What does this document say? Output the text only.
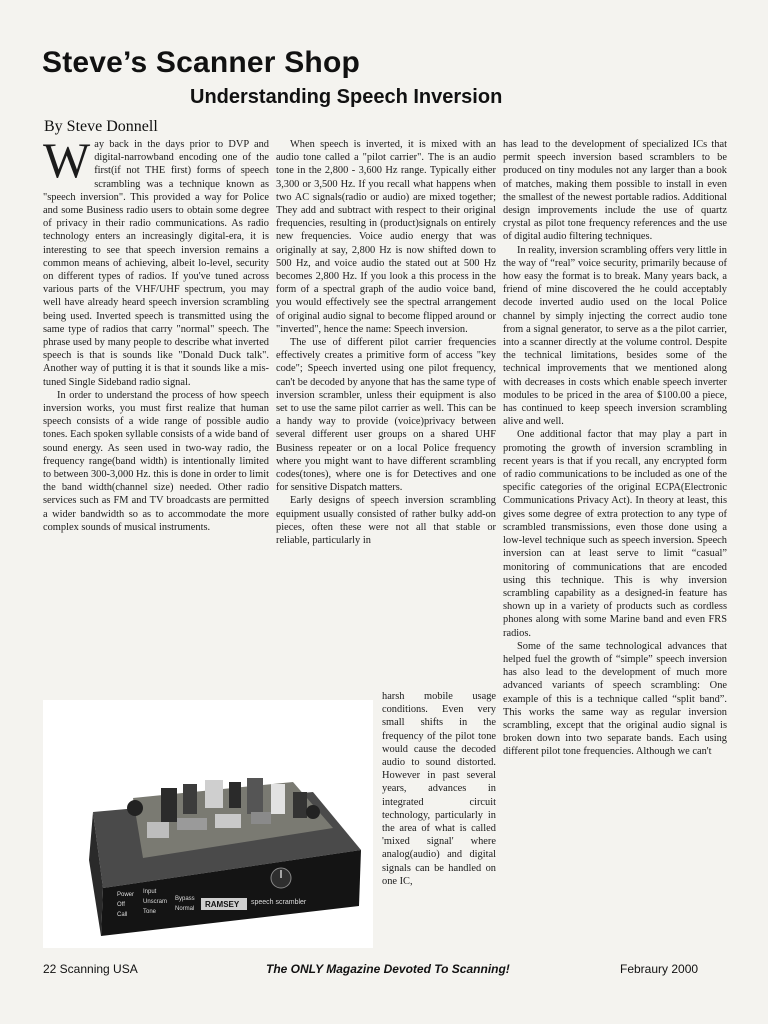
Steve’s Scanner Shop
Understanding Speech Inversion
By Steve Donnell

Way back in the days prior to DVP and digital-narrowband encoding one of the first(if not THE first) forms of speech scrambling was a technique known as "speech inversion". This provided a way for Police and some Business radio users to obtain some degree of privacy in their radio communications. As radio technology enters an increasingly digital-era, it is interesting to see that speech inversion remains a common means of achieving, albeit lo-level, security on different types of radios. If you've tuned across various parts of the VHF/UHF spectrum, you may well have already heard speech inversion scrambling being used. Inverted speech is transmitted using the same type of radios that carry "normal" speech. The phrase used by many people to describe what inverted speech is that is sounds like "Donald Duck talk". Another way of putting it is that it sounds like a mis-tuned Single Sideband radio signal.

In order to understand the process of how speech inversion works, you must first realize that human speech consists of a wide range of possible audio tones. Each spoken syllable consists of a wide band of sound energy. As seen used in two-way radio, the frequency range(band width) is intentionally limited to between 300-3,000 Hz. this is done in order to limit the band width(channel size) needed. Other radio services such as FM and TV broadcasts are permitted a wider bandwidth so as to accommodate the more complex sounds of musical instruments.

When speech is inverted, it is mixed with an audio tone called a "pilot carrier". The is an audio tone in the 2,800 - 3,600 Hz range. Typically either 3,300 or 3,500 Hz. If you recall what happens when two AC signals(radio or audio) are mixed together; They add and subtract with respect to their original frequencies, resulting in (product)signals on entirely new frequencies. Voice audio energy that was originally at say, 2,800 Hz is now shifted down to 500 Hz, and voice audio the stated out at 500 Hz becomes 2,800 Hz. If you look a this process in the form of a spectral graph of the audio voice band, you would effectively see the spectral arrangement of original audio signal to become flipped around or "inverted", hence the name: Speech inversion.

The use of different pilot carrier frequencies effectively creates a primitive form of access "key code"; Speech inverted using one pilot frequency, can't be decoded by anyone that has the same type of inversion scrambler, unless their equipment is also set to use the same pilot carrier as well. This can be a handy way to provide (voice)privacy between several different user groups on a shared UHF Business repeater or on a local Police frequency where you might want to have different scrambling codes(tones), where one is for Detectives and one for sensitive Dispatch matters.

Early designs of speech inversion scrambling equipment usually consisted of rather bulky add-on pieces, often these were not all that stable or reliable, particularly in

harsh mobile usage conditions. Even very small shifts in the frequency of the pilot tone would cause the decoded audio to sound distorted. However in past several years, advances in integrated circuit technology, particularly in the area of what is called 'mixed signal' where analog(audio) and digital signals can be handled on one IC,

has lead to the development of specialized ICs that permit speech inversion based scramblers to be produced on tiny modules not any larger than a book of matches, making them possible to install in even the smallest of the newest portable radios. Additional design improvements include the use of quartz crystal as pilot tone frequency references and the use of digital audio filtering techniques.

In reality, inversion scrambling offers very little in the way of “real” voice security, primarily because of how easy the format is to break. Many years back, a friend of mine discovered the he could acceptably decode inverted audio used on the local Police channel by simply injecting the correct audio tone from a signal generator, to serve as a the pilot carrier, into a scanner directly at the volume control. Despite the technical limitations, besides some of the technical improvements that we mentioned along with decreases in costs which enable speech inverter modules to be priced in the area of $100.00 a piece, has continued to keep speech inversion scrambling alive and well.

One additional factor that may play a part in promoting the growth of inversion scrambling in recent years is that if you recall, any encrypted form of radio communications to be included as one of the specific categories of the original ECPA(Electronic Communications Privacy Act). In theory at least, this gives some degree of extra protection to any type of scrambled transmissions, even those done using a low-level technique such as speech inversion. Speech inversion can at least serve to limit “casual” monitoring of communications that are encoded using this technique. This is why inversion scrambling capability as a designed-in feature has shown up in a variety of products such as cordless phones along with some Marine band and even FRS radios.

Some of the same technological advances that helped fuel the growth of “simple” speech inversion has also lead to the development of much more advanced variants of speech scrambling: One example of this is a technique called “split band”. This works the same way as regular inversion scrambling, except that the original audio signal is broken down into two separate bands. Each using different pilot tone frequencies. Although we can't

Power Input
Off	Unscram Bypass
Call	Tone	Normal RAMSEY speech scrambler
22 Scanning USA	The ONLY Magazine Devoted To Scanning!	Febraury 2000
